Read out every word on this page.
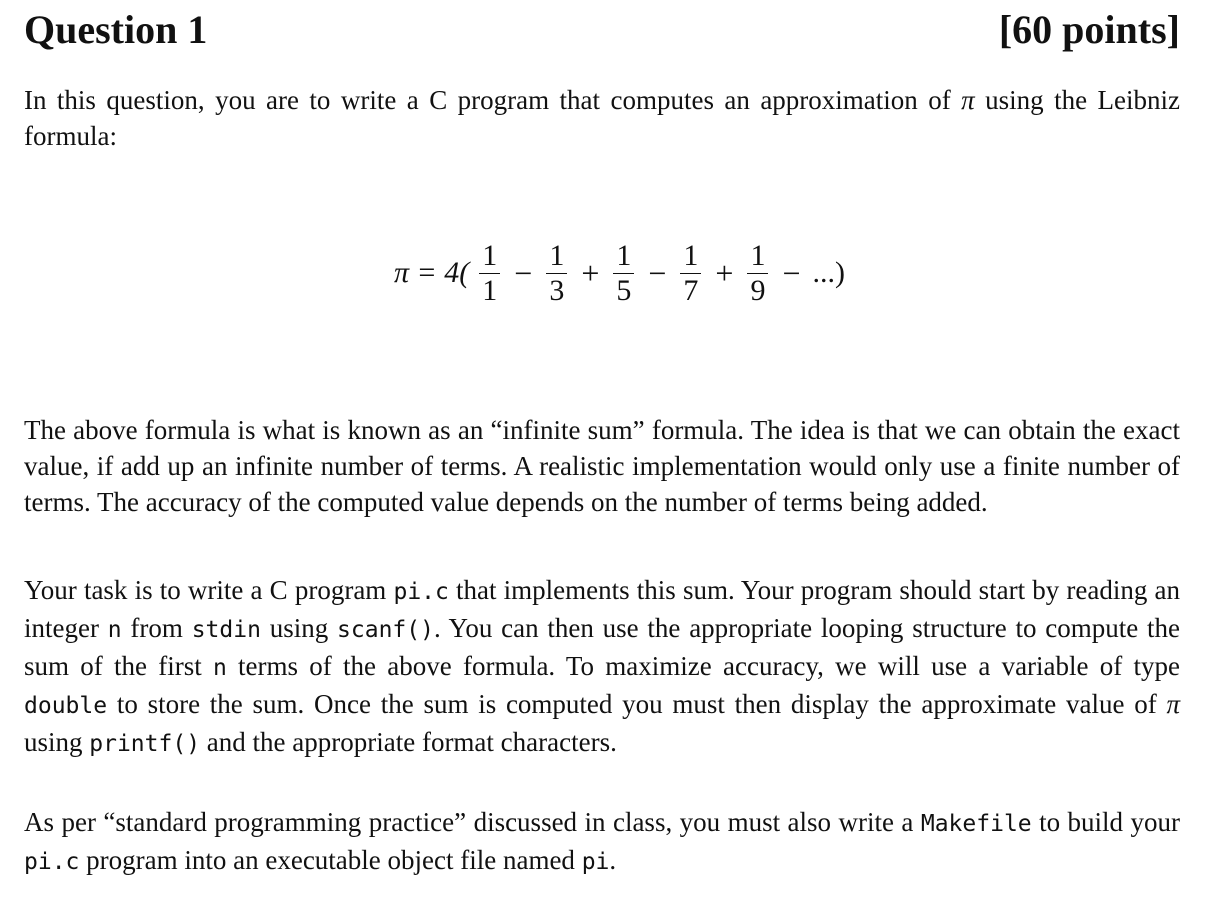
Question 1	[60 points]

In this question, you are to write a C program that computes an approximation of π using the Leibniz formula:

$\pi = 4( \frac{1}{1} - \frac{1}{3} + \frac{1}{5} - \frac{1}{7} + \frac{1}{9}$ − ...)

The above formula is what is known as an “infinite sum” formula. The idea is that we can obtain the exact value, if add up an infinite number of terms. A realistic implementation would only use a finite number of terms. The accuracy of the computed value depends on the number of terms being added.

Your task is to write a C program pi.c that implements this sum. Your program should start by reading an integer n from stdin using scanf(). You can then use the appropriate looping structure to compute the sum of the first n terms of the above formula. To maximize accuracy, we will use a variable of type double to store the sum. Once the sum is computed you must then display the approximate value of π using printf() and the appropriate format characters.

As per “standard programming practice” discussed in class, you must also write a Makefile to build your pi.c program into an executable object file named pi.
